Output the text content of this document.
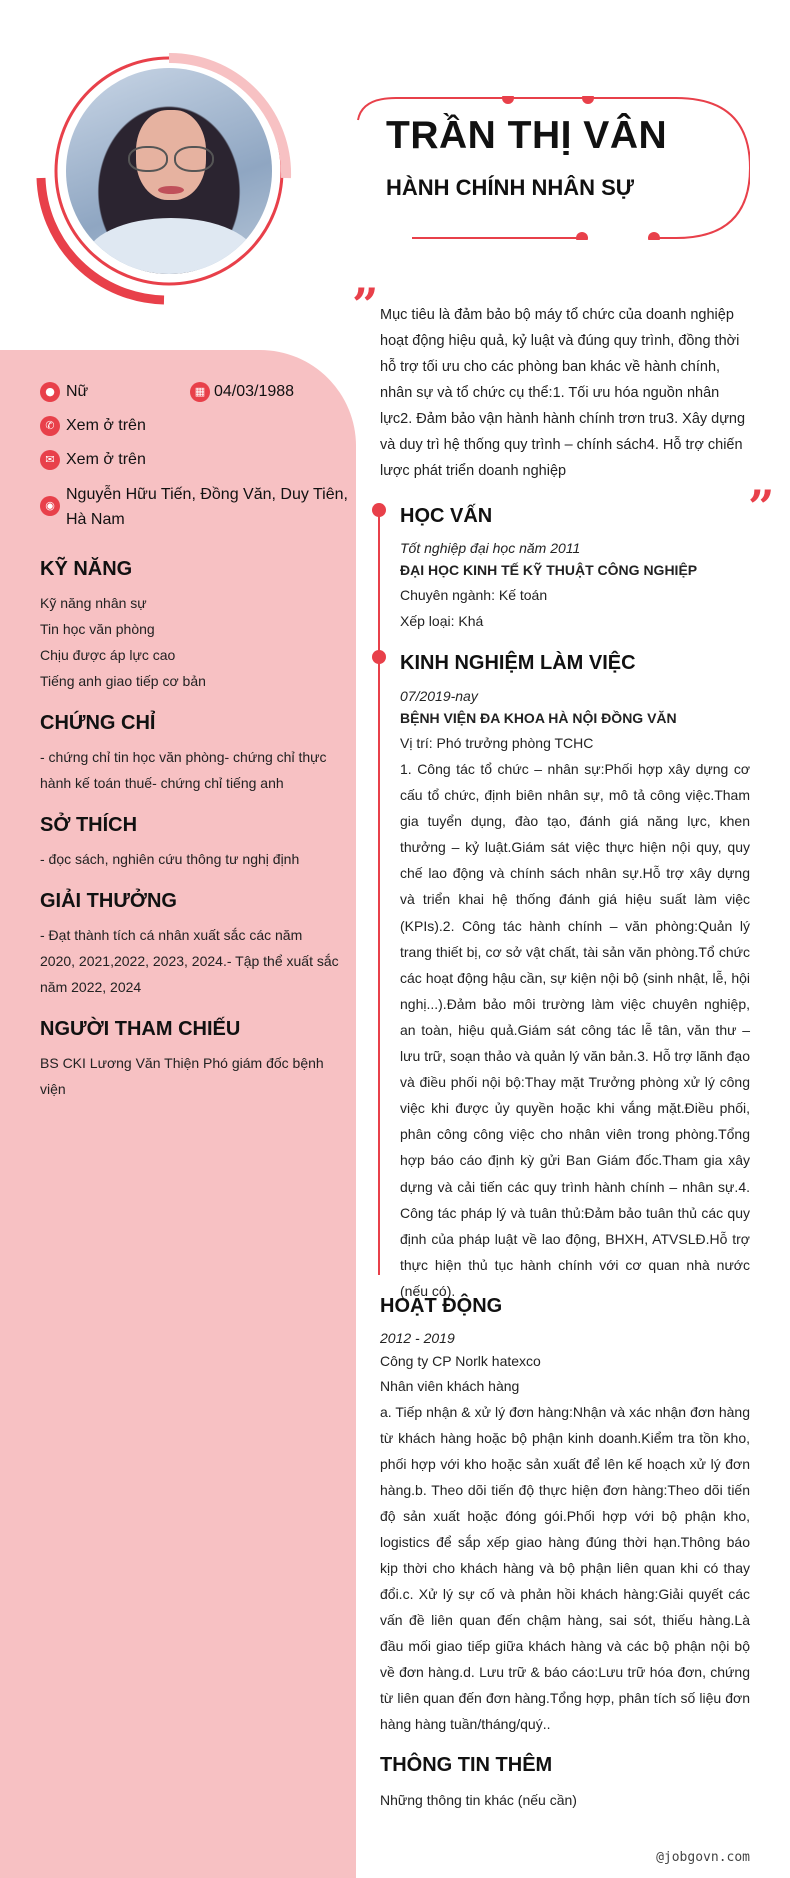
TRẦN THỊ VÂN
HÀNH CHÍNH NHÂN SỰ
” Mục tiêu là đảm bảo bộ máy tổ chức của doanh nghiệp hoạt động hiệu quả, kỷ luật và đúng quy trình, đồng thời hỗ trợ tối ưu cho các phòng ban khác về hành chính, nhân sự và tổ chức cụ thể:1. Tối ưu hóa nguồn nhân lực2. Đảm bảo vận hành hành chính trơn tru3. Xây dựng và duy trì hệ thống quy trình – chính sách4. Hỗ trợ chiến lược phát triển doanh nghiệp
”
● Nữ	▦ 04/03/1988
✆ Xem ở trên
✉ Xem ở trên
◉
Nguyễn Hữu Tiến, Đồng Văn, Duy Tiên, Hà Nam
KỸ NĂNG
Kỹ năng nhân sự
Tin học văn phòng
Chịu được áp lực cao
Tiếng anh giao tiếp cơ bản
CHỨNG CHỈ
- chứng chỉ tin học văn phòng- chứng chỉ thực hành kế toán thuế- chứng chỉ tiếng anh
SỞ THÍCH
- đọc sách, nghiên cứu thông tư nghị định
GIẢI THƯỞNG
- Đạt thành tích cá nhân xuất sắc các năm 2020, 2021,2022, 2023, 2024.- Tập thể xuất sắc năm 2022, 2024
NGƯỜI THAM CHIẾU
BS CKI Lương Văn Thiện Phó giám đốc bệnh viện
HỌC VẤN
Tốt nghiệp đại học năm 2011
ĐẠI HỌC KINH TẾ KỸ THUẬT CÔNG NGHIỆP
Chuyên ngành: Kế toán
Xếp loại: Khá
KINH NGHIỆM LÀM VIỆC
07/2019-nay
BỆNH VIỆN ĐA KHOA HÀ NỘI ĐỒNG VĂN
Vị trí: Phó trưởng phòng TCHC
1. Công tác tổ chức – nhân sự:Phối hợp xây dựng cơ cấu tổ chức, định biên nhân sự, mô tả công việc.Tham gia tuyển dụng, đào tạo, đánh giá năng lực, khen thưởng – kỷ luật.Giám sát việc thực hiện nội quy, quy chế lao động và chính sách nhân sự.Hỗ trợ xây dựng và triển khai hệ thống đánh giá hiệu suất làm việc (KPIs).2. Công tác hành chính – văn phòng:Quản lý trang thiết bị, cơ sở vật chất, tài sản văn phòng.Tổ chức các hoạt động hậu cần, sự kiện nội bộ (sinh nhật, lễ, hội nghị...).Đảm bảo môi trường làm việc chuyên nghiệp, an toàn, hiệu quả.Giám sát công tác lễ tân, văn thư – lưu trữ, soạn thảo và quản lý văn bản.3. Hỗ trợ lãnh đạo và điều phối nội bộ:Thay mặt Trưởng phòng xử lý công việc khi được ủy quyền hoặc khi vắng mặt.Điều phối, phân công công việc cho nhân viên trong phòng.Tổng hợp báo cáo định kỳ gửi Ban Giám đốc.Tham gia xây dựng và cải tiến các quy trình hành chính – nhân sự.4. Công tác pháp lý và tuân thủ:Đảm bảo tuân thủ các quy định của pháp luật về lao động, BHXH, ATVSLĐ.Hỗ trợ thực hiện thủ tục hành chính với cơ quan nhà nước (nếu có).
HOẠT ĐỘNG
2012 - 2019
Công ty CP Norlk hatexco
Nhân viên khách hàng
a. Tiếp nhận & xử lý đơn hàng:Nhận và xác nhận đơn hàng từ khách hàng hoặc bộ phận kinh doanh.Kiểm tra tồn kho, phối hợp với kho hoặc sản xuất để lên kế hoạch xử lý đơn hàng.b. Theo dõi tiến độ thực hiện đơn hàng:Theo dõi tiến độ sản xuất hoặc đóng gói.Phối hợp với bộ phận kho, logistics để sắp xếp giao hàng đúng thời hạn.Thông báo kịp thời cho khách hàng và bộ phận liên quan khi có thay đổi.c. Xử lý sự cố và phản hồi khách hàng:Giải quyết các vấn đề liên quan đến chậm hàng, sai sót, thiếu hàng.Là đầu mối giao tiếp giữa khách hàng và các bộ phận nội bộ về đơn hàng.d. Lưu trữ & báo cáo:Lưu trữ hóa đơn, chứng từ liên quan đến đơn hàng.Tổng hợp, phân tích số liệu đơn hàng hàng tuần/tháng/quý..
THÔNG TIN THÊM
Những thông tin khác (nếu cần)
@jobgovn.com
